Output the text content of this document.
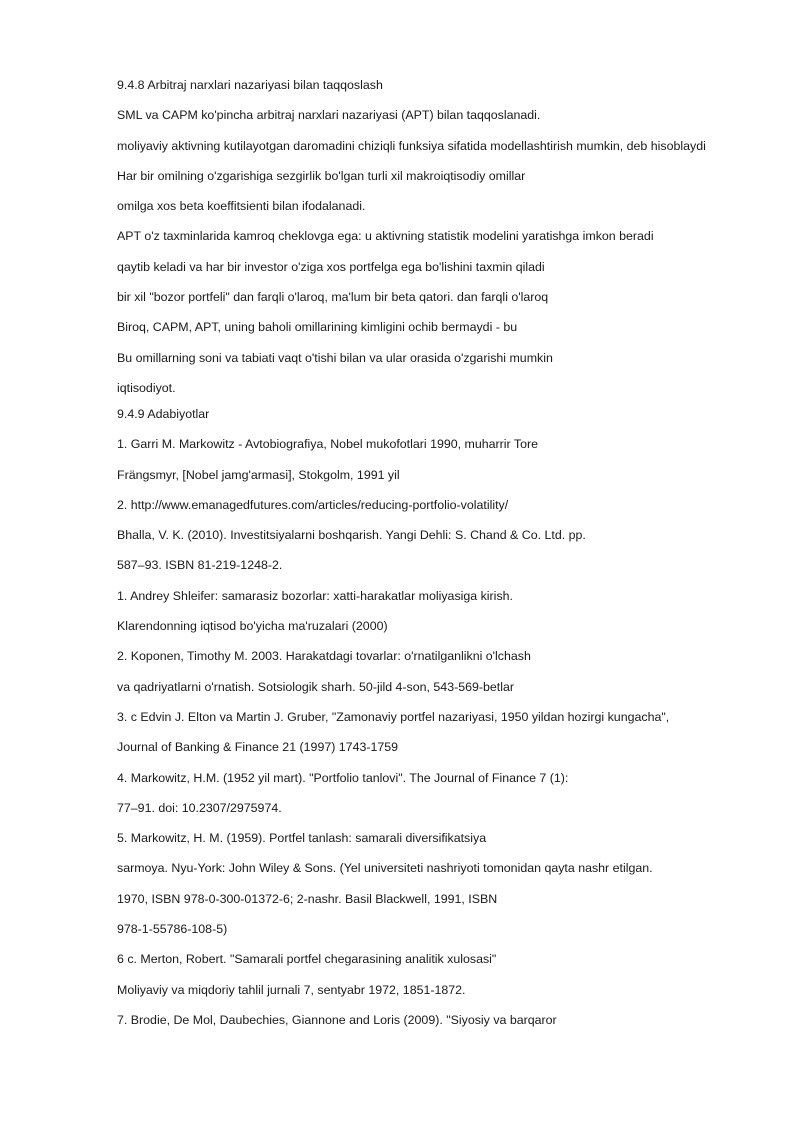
9.4.8 Arbitraj narxlari nazariyasi bilan taqqoslash

SML va CAPM ko'pincha arbitraj narxlari nazariyasi (APT) bilan taqqoslanadi.

moliyaviy aktivning kutilayotgan daromadini chiziqli funksiya sifatida modellashtirish mumkin, deb hisoblaydi

Har bir omilning o'zgarishiga sezgirlik bo'lgan turli xil makroiqtisodiy omillar

omilga xos beta koeffitsienti bilan ifodalanadi.

APT o'z taxminlarida kamroq cheklovga ega: u aktivning statistik modelini yaratishga imkon beradi

qaytib keladi va har bir investor o'ziga xos portfelga ega bo'lishini taxmin qiladi

bir xil "bozor portfeli" dan farqli o'laroq, ma'lum bir beta qatori. dan farqli o'laroq

Biroq, CAPM, APT, uning baholi omillarining kimligini ochib bermaydi - bu

Bu omillarning soni va tabiati vaqt o'tishi bilan va ular orasida o'zgarishi mumkin

iqtisodiyot.

9.4.9 Adabiyotlar

1. Garri M. Markowitz - Avtobiografiya, Nobel mukofotlari 1990, muharrir Tore

Frängsmyr, [Nobel jamg'armasi], Stokgolm, 1991 yil

2. http://www.emanagedfutures.com/articles/reducing-portfolio-volatility/

Bhalla, V. K. (2010). Investitsiyalarni boshqarish. Yangi Dehli: S. Chand & Co. Ltd. pp.

587–93. ISBN 81-219-1248-2.

1. Andrey Shleifer: samarasiz bozorlar: xatti-harakatlar moliyasiga kirish.

Klarendonning iqtisod bo'yicha ma'ruzalari (2000)

2. Koponen, Timothy M. 2003. Harakatdagi tovarlar: o'rnatilganlikni o'lchash

va qadriyatlarni o'rnatish. Sotsiologik sharh. 50-jild 4-son, 543-569-betlar

3. c Edvin J. Elton va Martin J. Gruber, "Zamonaviy portfel nazariyasi, 1950 yildan hozirgi kungacha",

Journal of Banking & Finance 21 (1997) 1743-1759

4. Markowitz, H.M. (1952 yil mart). "Portfolio tanlovi". The Journal of Finance 7 (1):

77–91. doi: 10.2307/2975974.

5. Markowitz, H. M. (1959). Portfel tanlash: samarali diversifikatsiya

sarmoya. Nyu-York: John Wiley & Sons. (Yel universiteti nashriyoti tomonidan qayta nashr etilgan.

1970, ISBN 978-0-300-01372-6; 2-nashr. Basil Blackwell, 1991, ISBN

978-1-55786-108-5)

6 c. Merton, Robert. "Samarali portfel chegarasining analitik xulosasi"

Moliyaviy va miqdoriy tahlil jurnali 7, sentyabr 1972, 1851-1872.

7. Brodie, De Mol, Daubechies, Giannone and Loris (2009). "Siyosiy va barqaror
